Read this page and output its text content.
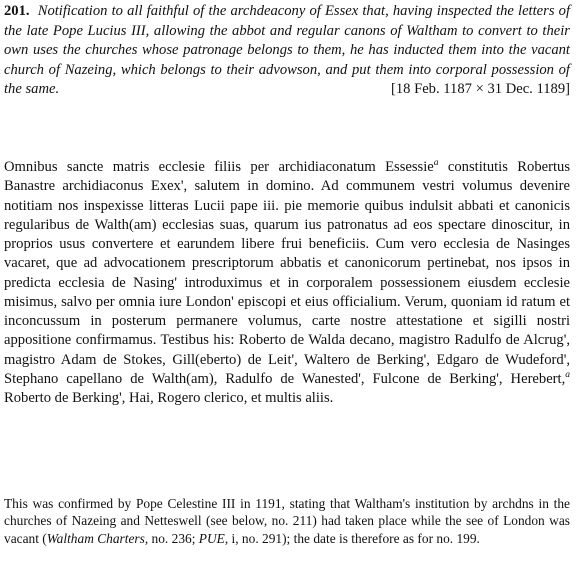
201. Notification to all faithful of the archdeacony of Essex that, having inspected the letters of the late Pope Lucius III, allowing the abbot and regular canons of Waltham to convert to their own uses the churches whose patronage belongs to them, he has inducted them into the vacant church of Nazeing, which belongs to their advowson, and put them into corporal possession of the same.	[18 Feb. 1187 × 31 Dec. 1189]
Omnibus sancte matris ecclesie filiis per archidiaconatum Essessie$^a$ constitutis Robertus Banastre archidiaconus Exex', salutem in domino. Ad communem vestri volumus devenire notitiam nos inspexisse litteras Lucii pape iii. pie memorie quibus indulsit abbati et canonicis regularibus de Walth(am) ecclesias suas, quarum ius patronatus ad eos spectare dinoscitur, in proprios usus convertere et earundem libere frui beneficiis. Cum vero ecclesia de Nasinges vacaret, que ad advocationem prescriptorum abbatis et canonicorum pertinebat, nos ipsos in predicta ecclesia de Nasing' introduximus et in corporalem possessionem eiusdem ecclesie misimus, salvo per omnia iure London' episcopi et eius officialium. Verum, quoniam id ratum et inconcussum in posterum permanere volumus, carte nostre attestatione et sigilli nostri appositione confirmamus. Testibus his: Roberto de Walda decano, magistro Radulfo de Alcrug', magistro Adam de Stokes, Gill(eberto) de Leit', Waltero de Berking', Edgaro de Wudeford', Stephano capellano de Walth(am), Radulfo de Wanested', Fulcone de Berking', Herebert,$^a$ Roberto de Berking', Hai, Rogero clerico, et multis aliis.
This was confirmed by Pope Celestine III in 1191, stating that Waltham's institution by archdns in the churches of Nazeing and Netteswell (see below, no. 211) had taken place while the see of London was vacant (Waltham Charters, no. 236; PUE, i, no. 291); the date is therefore as for no. 199.
